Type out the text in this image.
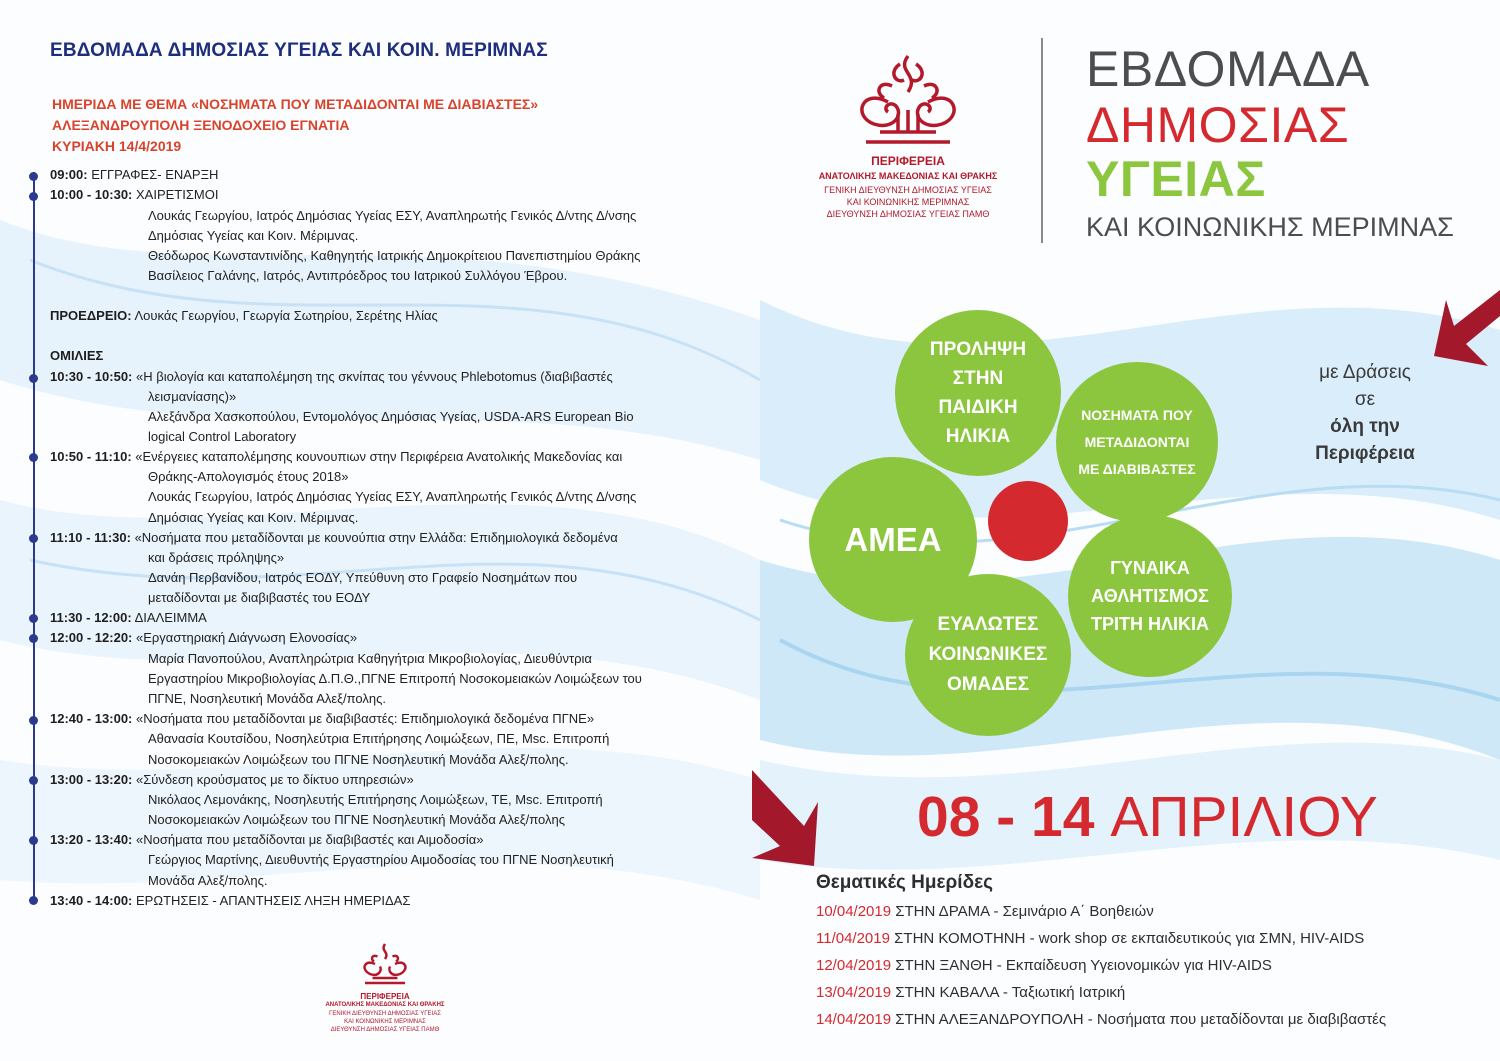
ΕΒΔΟΜΑΔΑ ΔΗΜΟΣΙΑΣ ΥΓΕΙΑΣ ΚΑΙ ΚΟΙΝ. ΜΕΡΙΜΝΑΣ
ΗΜΕΡΙΔΑ ΜΕ ΘΕΜΑ «ΝΟΣΗΜΑΤΑ ΠΟΥ ΜΕΤΑΔΙΔΟΝΤΑΙ ΜΕ ΔΙΑΒΙΑΣΤΕΣ»
ΑΛΕΞΑΝΔΡΟΥΠΟΛΗ ΞΕΝΟΔΟΧΕΙΟ ΕΓΝΑΤΙΑ
ΚΥΡΙΑΚΗ 14/4/2019
09:00: ΕΓΓΡΑΦΕΣ- ΕΝΑΡΞΗ
10:00 - 10:30: ΧΑΙΡΕΤΙΣΜΟΙ
Λουκάς Γεωργίου, Ιατρός Δημόσιας Υγείας ΕΣΥ, Αναπληρωτής Γενικός Δ/ντης Δ/νσης
Δημόσιας Υγείας και Κοιν. Μέριμνας.
Θεόδωρος Κωνσταντινίδης, Καθηγητής Ιατρικής Δημοκρίτειου Πανεπιστημίου Θράκης
Βασίλειος Γαλάνης, Ιατρός, Αντιπρόεδρος του Ιατρικού Συλλόγου Έβρου.
ΠΡΟΕΔΡΕΙΟ: Λουκάς Γεωργίου, Γεωργία Σωτηρίου, Σερέτης Ηλίας
ΟΜΙΛΙΕΣ
10:30 - 10:50: «Η βιολογία και καταπολέμηση της σκνίπας του γέννους Phlebotomus (διαβιβαστές
λεισμανίασης)»
Αλεξάνδρα Χασκοπούλου, Εντομολόγος Δημόσιας Υγείας, USDA-ARS European Bio
logical Control Laboratory
10:50 - 11:10: «Ενέργειες καταπολέμησης κουνουπιων στην Περιφέρεια Ανατολικής Μακεδονίας και
Θράκης-Απολογισμός έτους 2018»
Λουκάς Γεωργίου, Ιατρός Δημόσιας Υγείας ΕΣΥ, Αναπληρωτής Γενικός Δ/ντης Δ/νσης
Δημόσιας Υγείας και Κοιν. Μέριμνας.
11:10 - 11:30: «Νοσήματα που μεταδίδονται με κουνούπια στην Ελλάδα: Επιδημιολογικά δεδομένα
και δράσεις πρόληψης»
Δανάη Περβανίδου, Ιατρός ΕΟΔΥ, Υπεύθυνη στο Γραφείο Νοσημάτων που
μεταδίδονται με διαβιβαστές του ΕΟΔΥ
11:30 - 12:00: ΔΙΑΛΕΙΜΜΑ
12:00 - 12:20: «Εργαστηριακή Διάγνωση Ελονοσίας»
Μαρία Πανοπούλου, Αναπληρώτρια Καθηγήτρια Μικροβιολογίας, Διευθύντρια
Εργαστηρίου Μικροβιολογίας Δ.Π.Θ.,ΠΓΝΕ Επιτροπή Νοσοκομειακών Λοιμώξεων του
ΠΓΝΕ, Νοσηλευτική Μονάδα Αλεξ/πολης.
12:40 - 13:00: «Νοσήματα που μεταδίδονται με διαβιβαστές: Επιδημιολογικά δεδομένα ΠΓΝΕ»
Αθανασία Κουτσίδου, Νοσηλεύτρια Επιτήρησης Λοιμώξεων, ΠΕ, Msc. Επιτροπή
Νοσοκομειακών Λοιμώξεων του ΠΓΝΕ Νοσηλευτική Μονάδα Αλεξ/πολης.
13:00 - 13:20: «Σύνδεση κρούσματος με το δίκτυο υπηρεσιών»
Νικόλαος Λεμονάκης, Νοσηλευτής Επιτήρησης Λοιμώξεων, ΤΕ, Msc. Επιτροπή
Νοσοκομειακών Λοιμώξεων του ΠΓΝΕ Νοσηλευτική Μονάδα Αλεξ/πολης
13:20 - 13:40: «Νοσήματα που μεταδίδονται με διαβιβαστές και Αιμοδοσία»
Γεώργιος Μαρτίνης, Διευθυντής Εργαστηρίου Αιμοδοσίας του ΠΓΝΕ Νοσηλευτική
Μονάδα Αλεξ/πολης.
13:40 - 14:00: ΕΡΩΤΗΣΕΙΣ - ΑΠΑΝΤΗΣΕΙΣ ΛΗΞΗ ΗΜΕΡΙΔΑΣ
ΠΕΡΙΦΕΡΕΙΑ
ΑΝΑΤΟΛΙΚΗΣ ΜΑΚΕΔΟΝΙΑΣ ΚΑΙ ΘΡΑΚΗΣ
ΓΕΝΙΚΗ ΔΙΕΥΘΥΝΣΗ ΔΗΜΟΣΙΑΣ ΥΓΕΙΑΣ
ΚΑΙ ΚΟΙΝΩΝΙΚΗΣ ΜΕΡΙΜΝΑΣ
ΔΙΕΥΘΥΝΣΗ ΔΗΜΟΣΙΑΣ ΥΓΕΙΑΣ ΠΑΜΘ
ΠΕΡΙΦΕΡΕΙΑ
ΑΝΑΤΟΛΙΚΗΣ ΜΑΚΕΔΟΝΙΑΣ ΚΑΙ ΘΡΑΚΗΣ
ΓΕΝΙΚΗ ΔΙΕΥΘΥΝΣΗ ΔΗΜΟΣΙΑΣ ΥΓΕΙΑΣ
ΚΑΙ ΚΟΙΝΩΝΙΚΗΣ ΜΕΡΙΜΝΑΣ
ΔΙΕΥΘΥΝΣΗ ΔΗΜΟΣΙΑΣ ΥΓΕΙΑΣ ΠΑΜΘ
ΕΒΔΟΜΑΔΑ
ΔΗΜΟΣΙΑΣ
ΥΓΕΙΑΣ
ΚΑΙ ΚΟΙΝΩΝΙΚΗΣ ΜΕΡΙΜΝΑΣ
με Δράσεις
σε
όλη την
Περιφέρεια
ΠΡΟΛΗΨΗ
ΣΤΗΝ
ΠΑΙΔΙΚΗ
ΗΛΙΚΙΑ
ΝΟΣΗΜΑΤΑ ΠΟΥ
ΜΕΤΑΔΙΔΟΝΤΑΙ
ΜΕ ΔΙΑΒΙΒΑΣΤΕΣ
ΑΜΕΑ
ΓΥΝΑΙΚΑ
ΑΘΛΗΤΙΣΜΟΣ
ΤΡΙΤΗ ΗΛΙΚΙΑ
ΕΥΑΛΩΤΕΣ
ΚΟΙΝΩΝΙΚΕΣ
ΟΜΑΔΕΣ
08 - 14 ΑΠΡΙΛΙΟΥ
Θεματικές Ημερίδες
10/04/2019 ΣΤΗΝ ΔΡΑΜΑ - Σεμινάριο Α΄ Βοηθειών
11/04/2019 ΣΤΗΝ ΚΟΜΟΤΗΝΗ - work shop σε εκπαιδευτικούς για ΣΜΝ, HIV-AIDS
12/04/2019 ΣΤΗΝ ΞΑΝΘΗ - Εκπαίδευση Υγειονομικών για HIV-AIDS
13/04/2019 ΣΤΗΝ ΚΑΒΑΛΑ - Ταξιωτική Ιατρική
14/04/2019 ΣΤΗΝ ΑΛΕΞΑΝΔΡΟΥΠΟΛΗ - Νοσήματα που μεταδίδονται με διαβιβαστές
